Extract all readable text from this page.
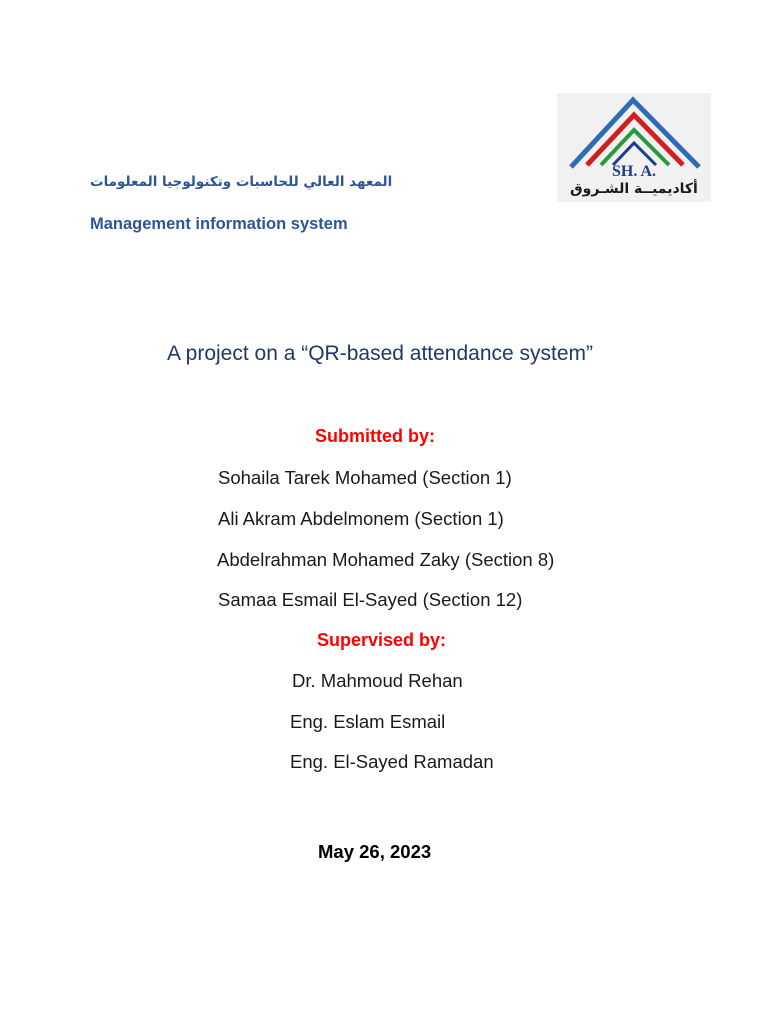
SH. A.
أكاديميــة الشـروق
المعهد العالي للحاسبات وتكنولوجيا المعلومات
Management information system
A project on a “QR-based attendance system”
Submitted by:
Sohaila Tarek Mohamed (Section 1)
Ali Akram Abdelmonem (Section 1)
Abdelrahman Mohamed Zaky (Section 8)
Samaa Esmail El-Sayed (Section 12)
Supervised by:
Dr. Mahmoud Rehan
Eng. Eslam Esmail
Eng. El-Sayed Ramadan
May 26, 2023
